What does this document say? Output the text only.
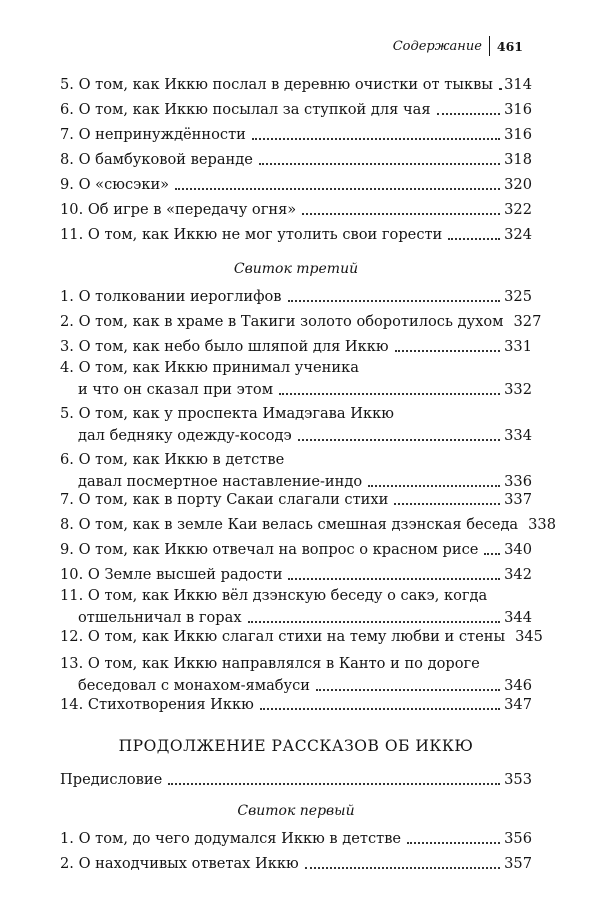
Содержание 461
5. О том, как Иккю послал в деревню очистки от тыквы 314
6. О том, как Иккю посылал за ступкой для чая	316
7. О непринуждённости	316
8. О бамбуковой веранде	318
9. О «сюсэки»	320
10. Об игре в «передачу огня»	322
11. О том, как Иккю не мог утолить свои горести	324
Свиток третий
1. О толковании иероглифов	325
2. О том, как в храме в Такиги золото оборотилось духом 327
3. О том, как небо было шляпой для Иккю	331
4. О том, как Иккю принимал ученика
и что он сказал при этом	332
5. О том, как у проспекта Имадэгава Иккю
дал бедняку одежду-косодэ	334
6. О том, как Иккю в детстве
давал посмертное наставление-индо	336
7. О том, как в порту Сакаи слагали стихи	337
8. О том, как в земле Каи велась смешная дзэнская беседа 338
9. О том, как Иккю отвечал на вопрос о красном рисе 340
10. О Земле высшей радости	342
11. О том, как Иккю вёл дзэнскую беседу о сакэ, когда
отшельничал в горах	344
12. О том, как Иккю слагал стихи на тему любви и стены 345
13. О том, как Иккю направлялся в Канто и по дороге
беседовал с монахом-ямабуси	346
14. Стихотворения Иккю	347
ПРОДОЛЖЕНИЕ РАССКАЗОВ ОБ ИККЮ
Предисловие	353
Свиток первый
1. О том, до чего додумался Иккю в детстве	356
2. О находчивых ответах Иккю	357
